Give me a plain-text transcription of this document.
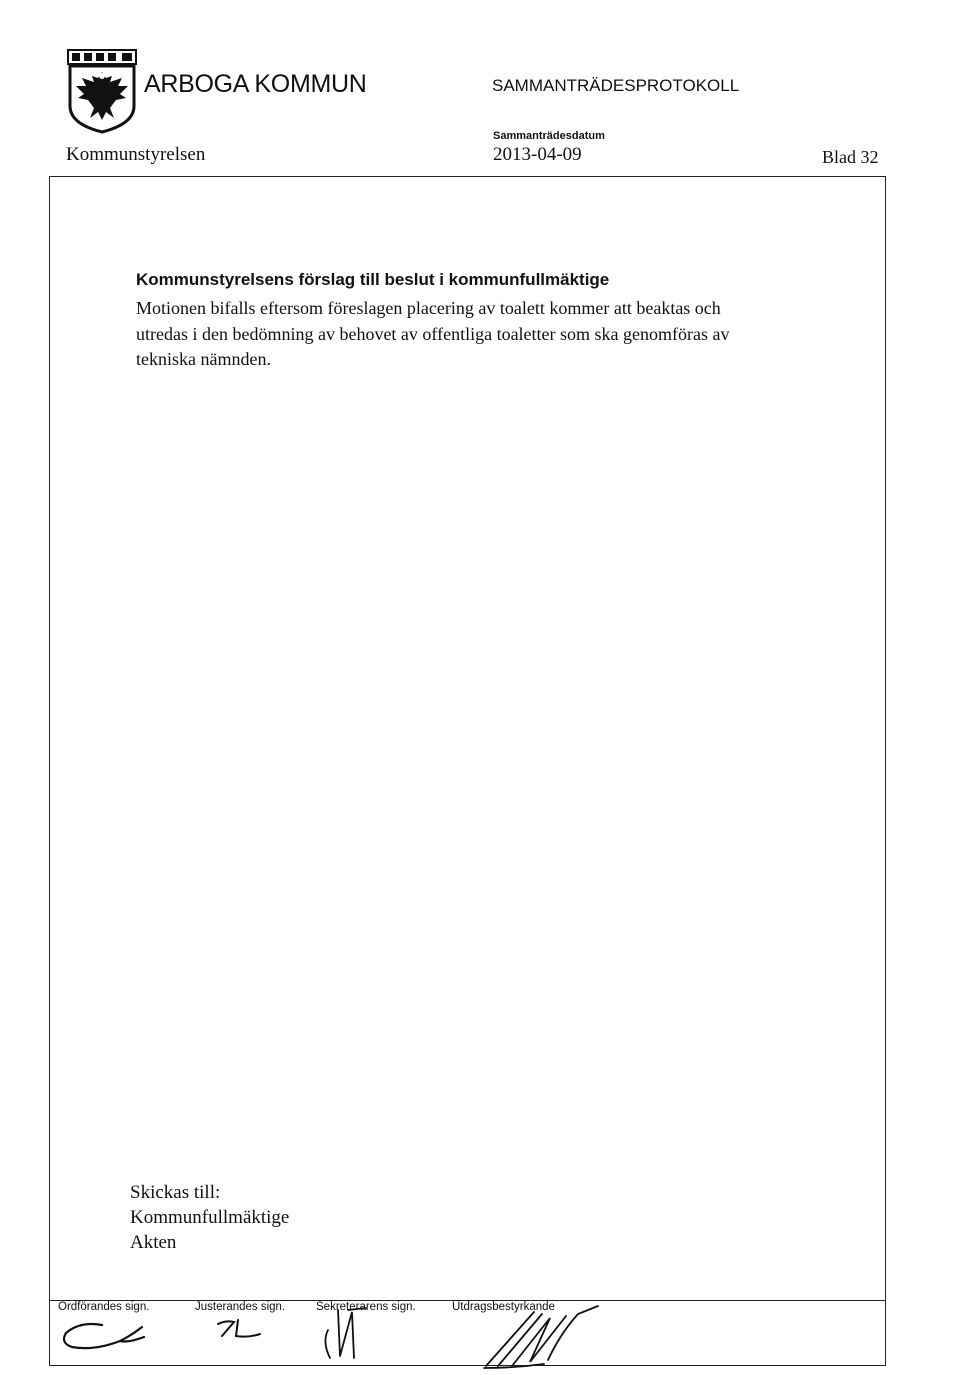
ARBOGA KOMMUN	SAMMANTRÄDESPROTOKOLL
Kommunstyrelsen
Sammanträdesdatum
2013-04-09	Blad 32
Kommunstyrelsens förslag till beslut i kommunfullmäktige
Motionen bifalls eftersom föreslagen placering av toalett kommer att beaktas och utredas i den bedömning av behovet av offentliga toaletter som ska genomföras av tekniska nämnden.
Skickas till:
Kommunfullmäktige
Akten
Ordförandes sign.	Justerandes sign.	Sekreterarens sign.	Utdragsbestyrkande
